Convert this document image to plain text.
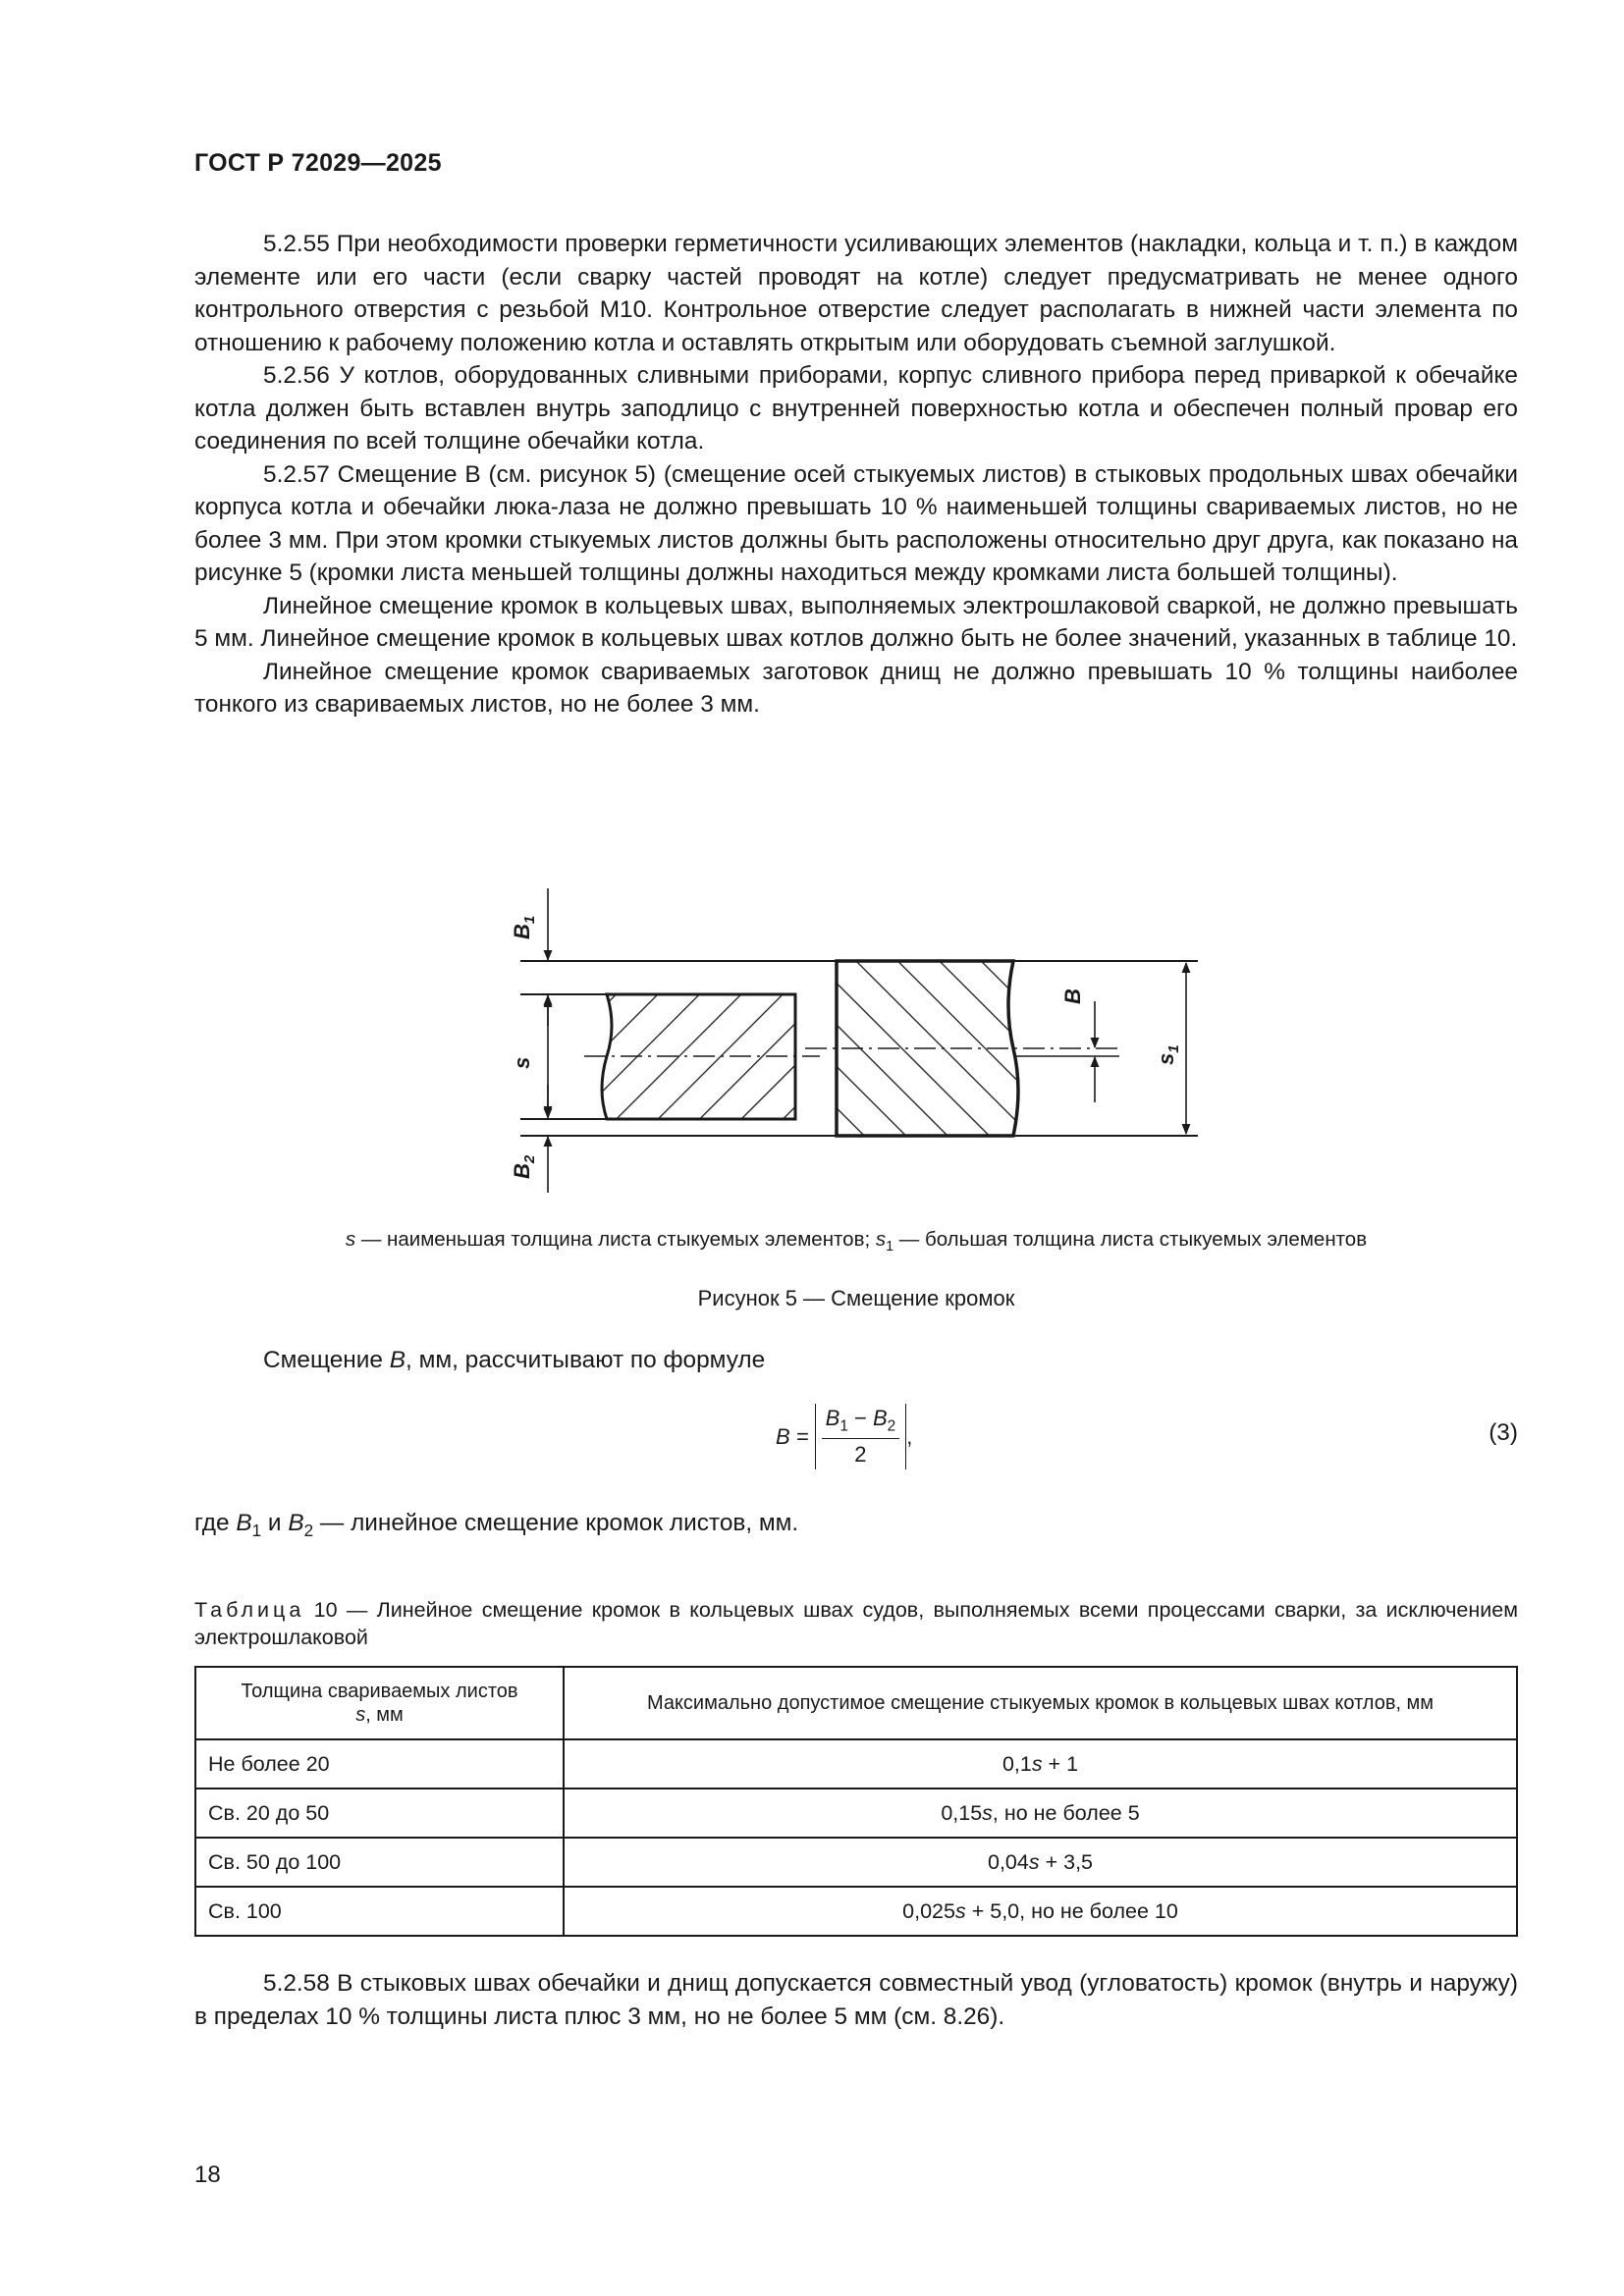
ГОСТ Р 72029—2025

5.2.55 При необходимости проверки герметичности усиливающих элементов (накладки, кольца и т. п.) в каждом элементе или его части (если сварку частей проводят на котле) следует предусматривать не менее одного контрольного отверстия с резьбой М10. Контрольное отверстие следует располагать в нижней части элемента по отношению к рабочему положению котла и оставлять открытым или оборудовать съемной заглушкой.

5.2.56 У котлов, оборудованных сливными приборами, корпус сливного прибора перед приваркой к обечайке котла должен быть вставлен внутрь заподлицо с внутренней поверхностью котла и обеспечен полный провар его соединения по всей толщине обечайки котла.

5.2.57 Смещение В (см. рисунок 5) (смещение осей стыкуемых листов) в стыковых продольных швах обечайки корпуса котла и обечайки люка-лаза не должно превышать 10 % наименьшей толщины свариваемых листов, но не более 3 мм. При этом кромки стыкуемых листов должны быть расположены относительно друг друга, как показано на рисунке 5 (кромки листа меньшей толщины должны находиться между кромками листа большей толщины).

Линейное смещение кромок в кольцевых швах, выполняемых электрошлаковой сваркой, не должно превышать 5 мм. Линейное смещение кромок в кольцевых швах котлов должно быть не более значений, указанных в таблице 10.

Линейное смещение кромок свариваемых заготовок днищ не должно превышать 10 % толщины наиболее тонкого из свариваемых листов, но не более 3 мм.

$B_1$
s
$B_2$
B
$s_1$
s — наименьшая толщина листа стыкуемых элементов; $s_1$ — большая толщина листа стыкуемых элементов
Рисунок 5 — Смещение кромок
Смещение B, мм, рассчитывают по формуле
B =
$B_1 - B_2$
2
,	(3)
где $B_1$ и $B_2$ — линейное смещение кромок листов, мм.
Таблица 10 — Линейное смещение кромок в кольцевых швах судов, выполняемых всеми процессами сварки, за исключением электрошлаковой
Толщина свариваемых листов
s, мм	Максимально допустимое смещение стыкуемых кромок в кольцевых швах котлов, мм
Не более 20	0,1s + 1
Св. 20 до 50	0,15s, но не более 5
Св. 50 до 100	0,04s + 3,5
Св. 100	0,025s + 5,0, но не более 10

5.2.58 В стыковых швах обечайки и днищ допускается совместный увод (угловатость) кромок (внутрь и наружу) в пределах 10 % толщины листа плюс 3 мм, но не более 5 мм (см. 8.26).

18
